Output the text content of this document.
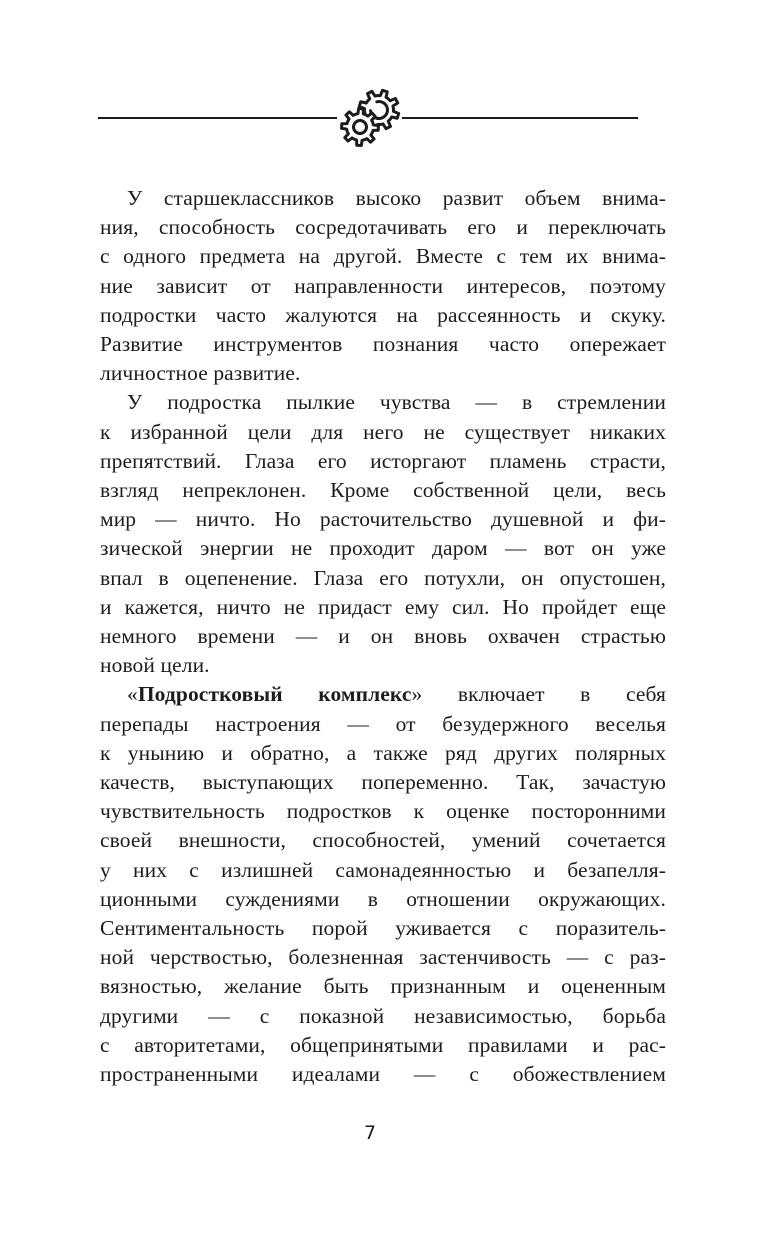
У старшеклассников высоко развит объем внима-
ния, способность сосредотачивать его и переключать
с одного предмета на другой. Вместе с тем их внима-
ние зависит от направленности интересов, поэтому
подростки часто жалуются на рассеянность и скуку.
Развитие инструментов познания часто опережает
личностное развитие.
У подростка пылкие чувства — в стремлении
к избранной цели для него не существует никаких
препятствий. Глаза его исторгают пламень страсти,
взгляд непреклонен. Кроме собственной цели, весь
мир — ничто. Но расточительство душевной и фи-
зической энергии не проходит даром — вот он уже
впал в оцепенение. Глаза его потухли, он опустошен,
и кажется, ничто не придаст ему сил. Но пройдет еще
немного времени — и он вновь охвачен страстью
новой цели.
«Подростковый комплекс» включает в себя
перепады настроения — от безудержного веселья
к унынию и обратно, а также ряд других полярных
качеств, выступающих попеременно. Так, зачастую
чувствительность подростков к оценке посторонними
своей внешности, способностей, умений сочетается
у них с излишней самонадеянностью и безапелля-
ционными суждениями в отношении окружающих.
Сентиментальность порой уживается с поразитель-
ной черствостью, болезненная застенчивость — с раз-
вязностью, желание быть признанным и оцененным
другими — с показной независимостью, борьба
с авторитетами, общепринятыми правилами и рас-
пространенными идеалами — с обожествлением
7
